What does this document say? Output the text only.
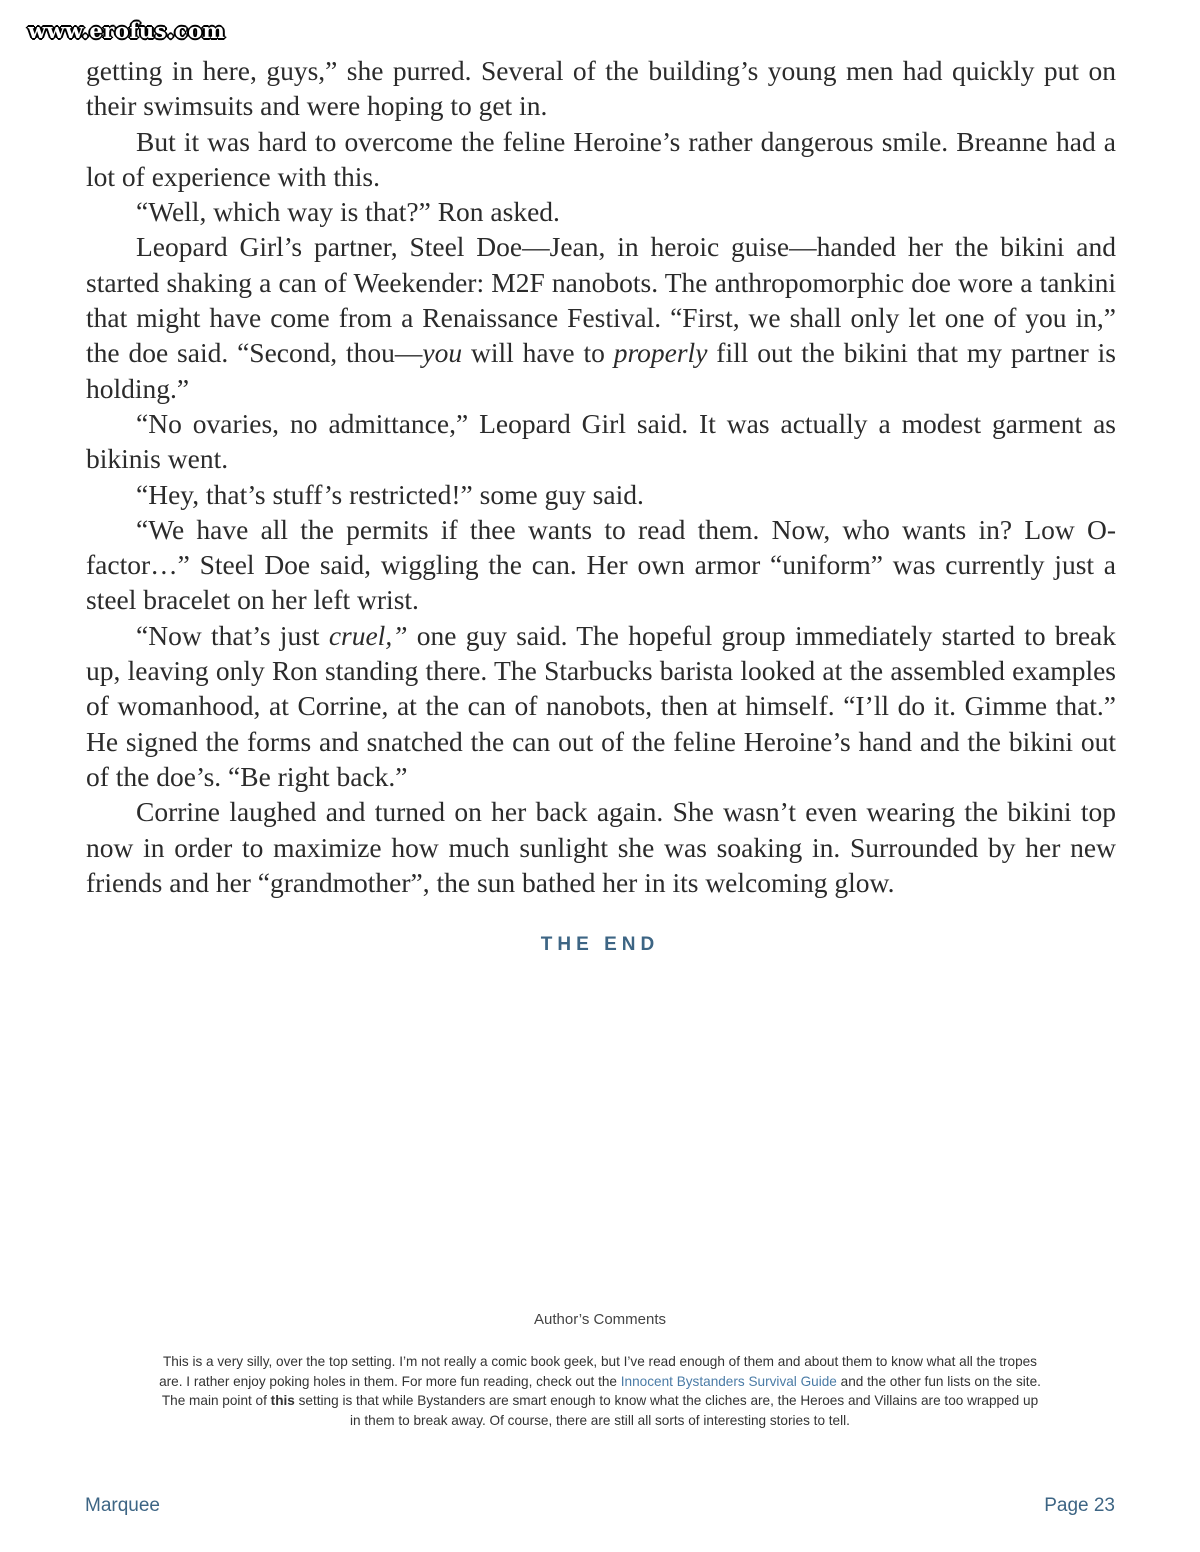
www.erofus.com

getting in here, guys,” she purred. Several of the building’s young men had quickly put on their swimsuits and were hoping to get in.

But it was hard to overcome the feline Heroine’s rather dangerous smile. Breanne had a lot of experience with this.

“Well, which way is that?” Ron asked.

Leopard Girl’s partner, Steel Doe—Jean, in heroic guise—handed her the bikini and started shaking a can of Weekender: M2F nanobots. The anthropomorphic doe wore a tankini that might have come from a Renaissance Festival. “First, we shall only let one of you in,” the doe said. “Second, thou—you will have to properly fill out the bikini that my partner is holding.”

“No ovaries, no admittance,” Leopard Girl said. It was actually a modest garment as bikinis went.

“Hey, that’s stuff’s restricted!” some guy said.

“We have all the permits if thee wants to read them. Now, who wants in? Low O-factor…” Steel Doe said, wiggling the can. Her own armor “uniform” was currently just a steel bracelet on her left wrist.

“Now that’s just cruel,” one guy said. The hopeful group immediately started to break up, leaving only Ron standing there. The Starbucks barista looked at the assembled examples of womanhood, at Corrine, at the can of nanobots, then at himself. “I’ll do it. Gimme that.” He signed the forms and snatched the can out of the feline Heroine’s hand and the bikini out of the doe’s. “Be right back.”

Corrine laughed and turned on her back again. She wasn’t even wearing the bikini top now in order to maximize how much sunlight she was soaking in. Surrounded by her new friends and her “grandmother”, the sun bathed her in its welcoming glow.

THE END
Author’s Comments
This is a very silly, over the top setting. I’m not really a comic book geek, but I’ve read enough of them and about them to know what all the tropes are. I rather enjoy poking holes in them. For more fun reading, check out the Innocent Bystanders Survival Guide and the other fun lists on the site. The main point of this setting is that while Bystanders are smart enough to know what the cliches are, the Heroes and Villains are too wrapped up in them to break away. Of course, there are still all sorts of interesting stories to tell.
Marquee	Page 23
